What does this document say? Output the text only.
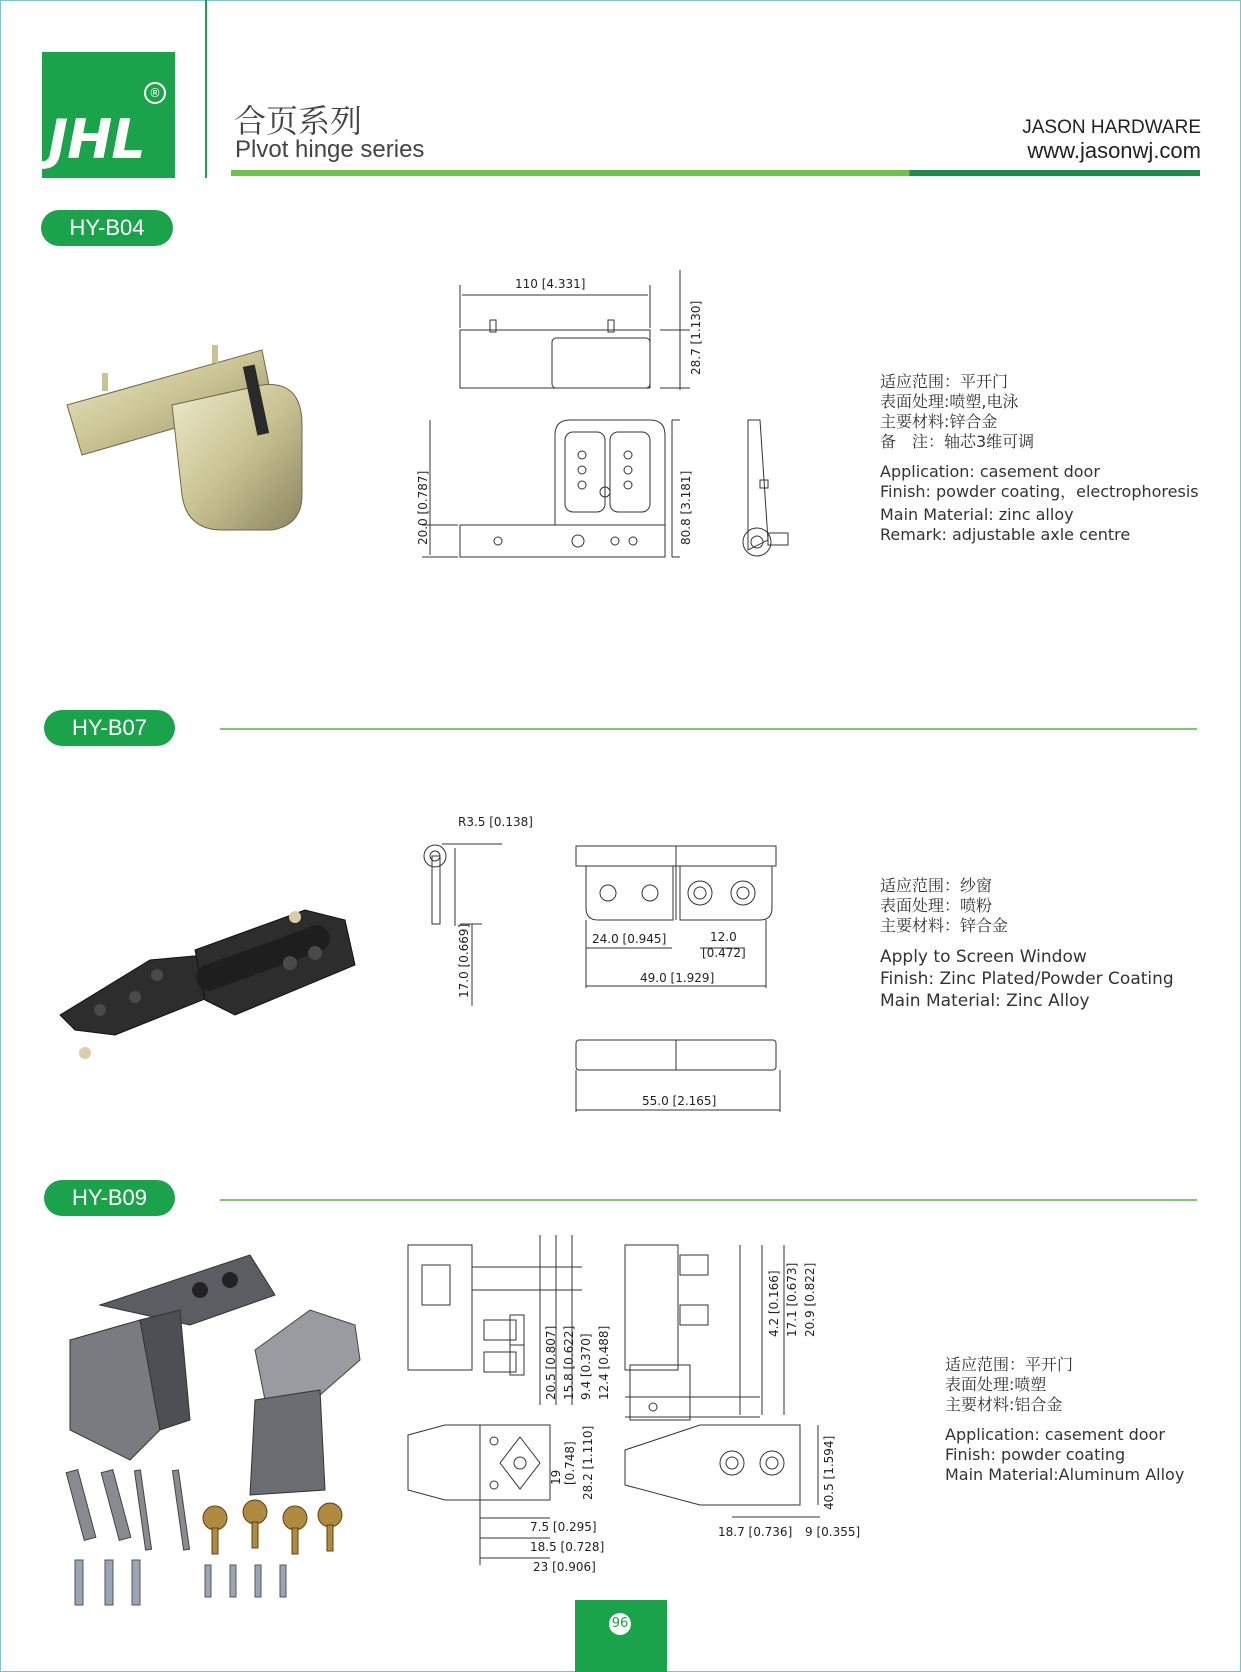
JHL
®
合页系列
Plvot hinge series
JASON HARDWARE
www.jasonwj.com
HY-B04
110 [4.331]
28.7 [1.130]
20.0 [0.787]	80.8 [3.181]
适应范围：平开门
表面处理:喷塑,电泳
主要材料:锌合金
备　注：轴芯3维可调
Application: casement door
Finish: powder coating，electrophoresis
Main Material: zinc alloy
Remark: adjustable axle centre
HY-B07
R3.5 [0.138]
17.0 [0.669]	24.0 [0.945]	12.0
[0.472]
49.0 [1.929]
55.0 [2.165]
适应范围：纱窗
表面处理：喷粉
主要材料：锌合金
Apply to Screen Window
Finish: Zinc Plated/Powder Coating
Main Material: Zinc Alloy
HY-B09
20.5 [0.807] 15.8 [0.622] 9.4 [0.370] 12.4 [0.488]
4.2 [0.166] 17.1 [0.673] 20.9 [0.822]
19 [0.748] 28.2 [1.110]
7.5 [0.295]
18.5 [0.728]
23 [0.906]
40.5 [1.594]
18.7 [0.736] 9 [0.355]
适应范围：平开门
表面处理:喷塑
主要材料:铝合金
Application: casement door
Finish: powder coating
Main Material:Aluminum Alloy
96
